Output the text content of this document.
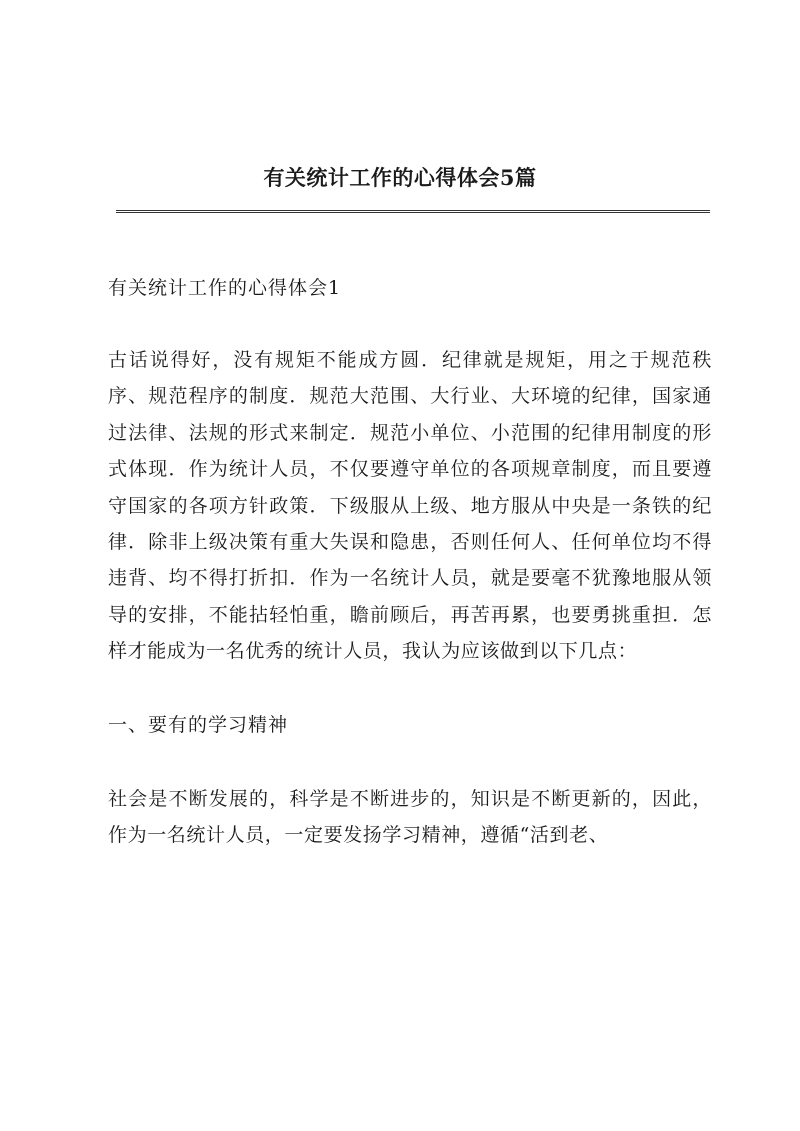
有关统计工作的心得体会5篇

有关统计工作的心得体会1

古话说得好，没有规矩不能成方圆．纪律就是规矩，用之于规范秩序、规范程序的制度．规范大范围、大行业、大环境的纪律，国家通过法律、法规的形式来制定．规范小单位、小范围的纪律用制度的形式体现．作为统计人员，不仅要遵守单位的各项规章制度，而且要遵守国家的各项方针政策．下级服从上级、地方服从中央是一条铁的纪律．除非上级决策有重大失误和隐患，否则任何人、任何单位均不得违背、均不得打折扣．作为一名统计人员，就是要毫不犹豫地服从领导的安排，不能拈轻怕重，瞻前顾后，再苦再累，也要勇挑重担．怎样才能成为一名优秀的统计人员，我认为应该做到以下几点：

一、要有的学习精神

社会是不断发展的，科学是不断进步的，知识是不断更新的，因此，作为一名统计人员，一定要发扬学习精神，遵循“活到老、
